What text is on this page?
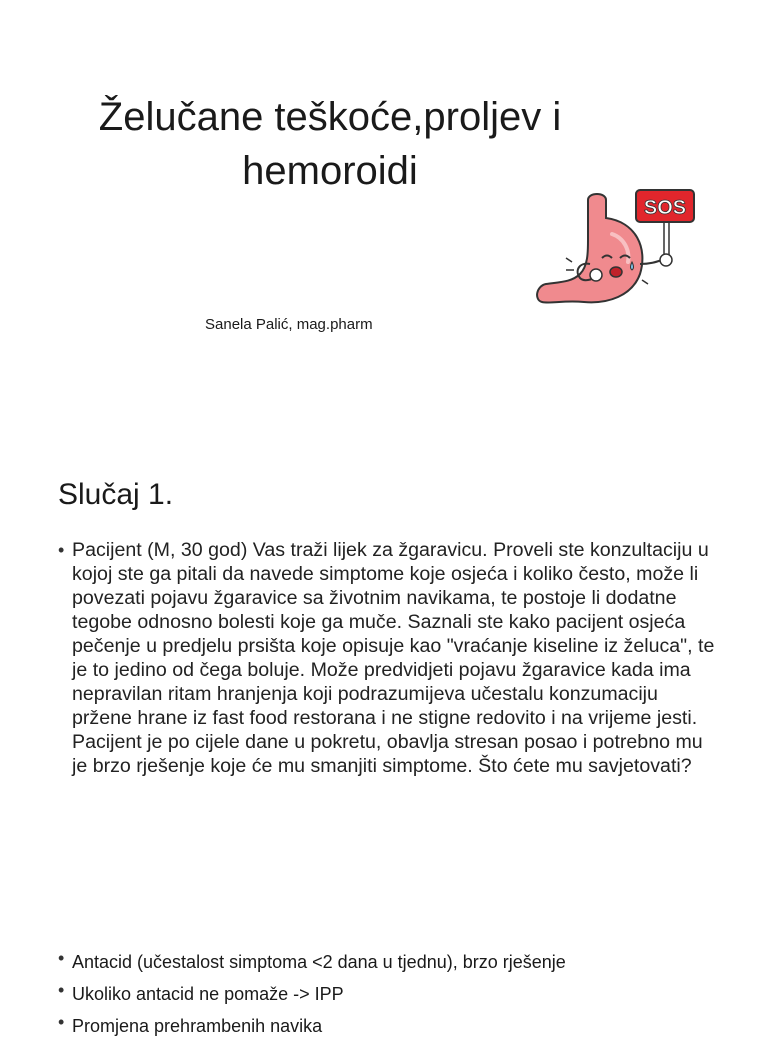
Želučane teškoće,proljev i
hemoroidi
Sanela Palić, mag.pharm
SOS
Slučaj 1.
• Pacijent (M, 30 god) Vas traži lijek za žgaravicu. Proveli ste konzultaciju u kojoj ste ga pitali da navede simptome koje osjeća i koliko često, može li povezati pojavu žgaravice sa životnim navikama, te postoje li dodatne tegobe odnosno bolesti koje ga muče. Saznali ste kako pacijent osjeća pečenje u predjelu prsišta koje opisuje kao "vraćanje kiseline iz želuca", te je to jedino od čega boluje. Može predvidjeti pojavu žgaravice kada ima nepravilan ritam hranjenja koji podrazumijeva učestalu konzumaciju pržene hrane iz fast food restorana i ne stigne redovito i na vrijeme jesti. Pacijent je po cijele dane u pokretu, obavlja stresan posao i potrebno mu je brzo rješenje koje će mu smanjiti simptome. Što ćete mu savjetovati?

• Antacid (učestalost simptoma <2 dana u tjednu), brzo rješenje
• Ukoliko antacid ne pomaže -> IPP
• Promjena prehrambenih navika
